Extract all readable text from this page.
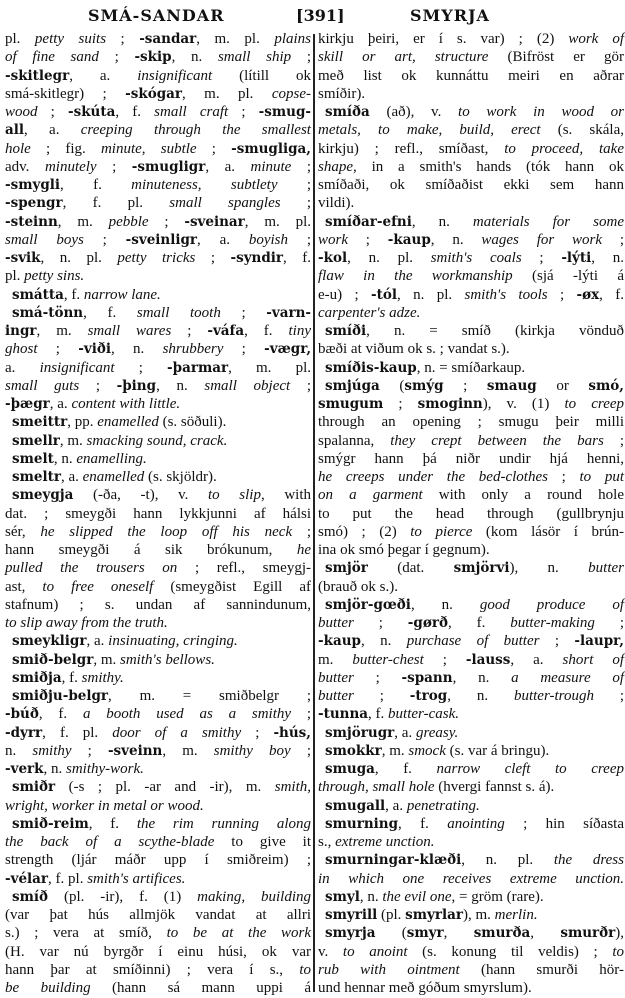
SMÁ-SANDAR	[391]	SMYRJA
pl. petty suits ; -sandar, m. pl. plains
of fine sand ; -skip, n. small ship ;
-skitlegr, a. insignificant (lítill ok
smá-skitlegr) ; -skógar, m. pl. copse-
wood ; -skúta, f. small craft ; -smug-
all, a. creeping through the smallest
hole ; fig. minute, subtle ; -smugliga,
adv. minutely ; -smugligr, a. minute ;
-smygli, f. minuteness, subtlety ;
-spengr, f. pl. small spangles ;
-steinn, m. pebble ; -sveinar, m. pl.
small boys ; -sveinligr, a. boyish ;
-svik, n. pl. petty tricks ; -syndir, f.
pl. petty sins.
smátta, f. narrow lane.
smá-tönn, f. small tooth ; -varn-
ingr, m. small wares ; -váfa, f. tiny
ghost ; -viði, n. shrubbery ; -vægr,
a. insignificant ; -þarmar, m. pl.
small guts ; -þing, n. small object ;
-þægr, a. content with little.
smeittr, pp. enamelled (s. söðuli).
smellr, m. smacking sound, crack.
smelt, n. enamelling.
smeltr, a. enamelled (s. skjöldr).
smeygja (-ða, -t), v. to slip, with
dat. ; smeygði hann lykkjunni af hálsi
sér, he slipped the loop off his neck ;
hann smeygði á sik brókunum, he
pulled the trousers on ; refl., smeygj-
ast, to free oneself (smeygðist Egill af
stafnum) ; s. undan af sannindunum,
to slip away from the truth.
smeykligr, a. insinuating, cringing.
smið-belgr, m. smith's bellows.
smiðja, f. smithy.
smiðju-belgr, m. = smiðbelgr ;
-búð, f. a booth used as a smithy ;
-dyrr, f. pl. door of a smithy ; -hús,
n. smithy ; -sveinn, m. smithy boy ;
-verk, n. smithy-work.
smiðr (-s ; pl. -ar and -ir), m. smith,
wright, worker in metal or wood.
smið-reim, f. the rim running along
the back of a scythe-blade to give it
strength (ljár máðr upp í smiðreim) ;
-vélar, f. pl. smith's artifices.
smíð (pl. -ir), f. (1) making, building
(var þat hús allmjök vandat at allri
s.) ; vera at smíð, to be at the work
(H. var nú byrgðr í einu húsi, ok var
hann þar at smíðinni) ; vera í s., to
be building (hann sá mann uppi á
kirkju þeiri, er í s. var) ; (2) work of
skill or art, structure (Bifröst er gör
með list ok kunnáttu meiri en aðrar
smíðir).
smíða (að), v. to work in wood or
metals, to make, build, erect (s. skála,
kirkju) ; refl., smíðast, to proceed, take
shape, in a smith's hands (tók hann ok
smíðaði, ok smíðaðist ekki sem hann
vildi).
smíðar-efni, n. materials for some
work ; -kaup, n. wages for work ;
-kol, n. pl. smith's coals ; -lýti, n.
flaw in the workmanship (sjá -lýti á
e-u) ; -tól, n. pl. smith's tools ; -øx, f.
carpenter's adze.
smíði, n. = smíð (kirkja vönduð
bæði at viðum ok s. ; vandat s.).
smíðis-kaup, n. = smíðarkaup.
smjúga (smýg ; smaug or smó,
smugum ; smoginn), v. (1) to creep
through an opening ; smugu þeir milli
spalanna, they crept between the bars ;
smýgr hann þá niðr undir hjá henni,
he creeps under the bed-clothes ; to put
on a garment with only a round hole
to put the head through (gullbrynju
smó) ; (2) to pierce (kom lásör í brún-
ina ok smó þegar í gegnum).
smjör (dat. smjörvi), n. butter
(brauð ok s.).
smjör-gœði, n. good produce of
butter ; -gørð, f. butter-making ;
-kaup, n. purchase of butter ; -laupr,
m. butter-chest ; -lauss, a. short of
butter ; -spann, n. a measure of
butter ; -trog, n. butter-trough ;
-tunna, f. butter-cask.
smjörugr, a. greasy.
smokkr, m. smock (s. var á bringu).
smuga, f. narrow cleft to creep
through, small hole (hvergi fannst s. á).
smugall, a. penetrating.
smurning, f. anointing ; hin síðasta
s., extreme unction.
smurningar-klæði, n. pl. the dress
in which one receives extreme unction.
smyl, n. the evil one, = gröm (rare).
smyrill (pl. smyrlar), m. merlin.
smyrja (smyr, smurða, smurðr),
v. to anoint (s. konung til veldis) ; to
rub with ointment (hann smurði hör-
und hennar með góðum smyrslum).
